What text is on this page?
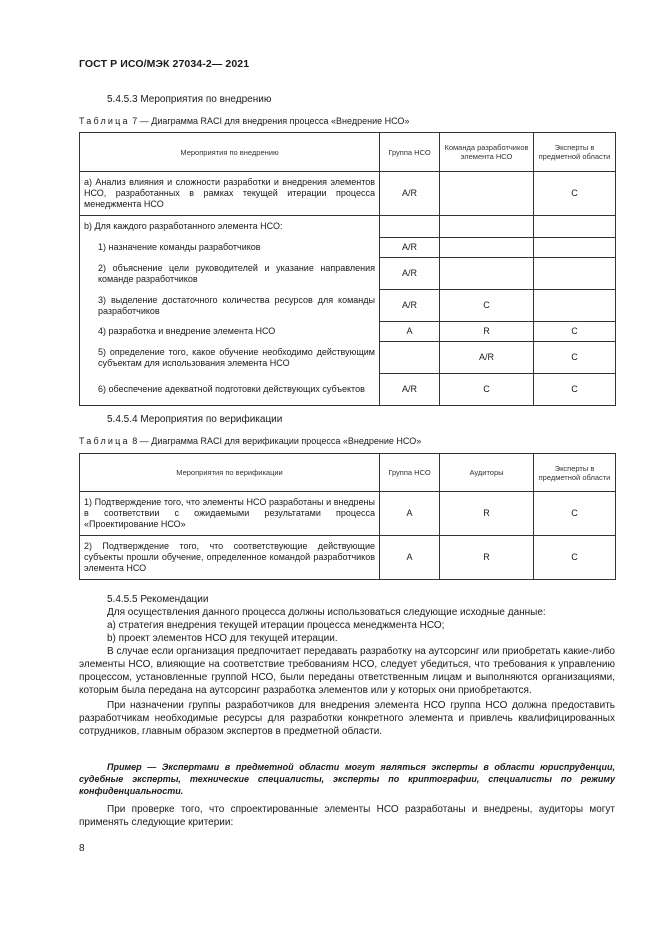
ГОСТ Р ИСО/МЭК 27034-2— 2021
5.4.5.3 Мероприятия по внедрению
Таблица 7 — Диаграмма RACI для внедрения процесса «Внедрение НСО»
Мероприятия по внедрению	Группа НСО	Команда разработчиков элемента НСО	Эксперты в предметной области
a) Анализ влияния и сложности разработки и внедрения элементов НСО, разработанных в рамках текущей итерации процесса менеджмента НСО	A/R		C
b) Для каждого разработанного элемента НСО:			

1) назначение команды разработчиков	A/R		

2) объяснение цели руководителей и указание направления команде разработчиков	A/R		

3) выделение достаточного количества ресурсов для команды разработчиков	A/R	C	

4) разработка и внедрение элемента НСО	A	R	C

5) определение того, какое обучение необходимо действующим субъектам для использования элемента НСО		A/R	C

6) обеспечение адекватной подготовки действующих субъектов	A/R	C	C
5.4.5.4 Мероприятия по верификации
Таблица 8 — Диаграмма RACI для верификации процесса «Внедрение НСО»
Мероприятия по верификации	Группа НСО	Аудиторы	Эксперты в предметной области
1) Подтверждение того, что элементы НСО разработаны и внедрены в соответствии с ожидаемыми результатами процесса «Проектирование НСО»	A	R	C
2) Подтверждение того, что соответствующие действующие субъекты прошли обучение, определенное командой разработчиков элемента НСО	A	R	C
5.4.5.5 Рекомендации

Для осуществления данного процесса должны использоваться следующие исходные данные:

a) стратегия внедрения текущей итерации процесса менеджмента НСО;

b) проект элементов НСО для текущей итерации.

В случае если организация предпочитает передавать разработку на аутсорсинг или приобретать какие-либо элементы НСО, влияющие на соответствие требованиям НСО, следует убедиться, что требования к управлению процессом, установленные группой НСО, были переданы ответственным лицам и выполняются организациями, которым была передана на аутсорсинг разработка элементов или у которых они приобретаются.

При назначении группы разработчиков для внедрения элемента НСО группа НСО должна предоставить разработчикам необходимые ресурсы для разработки конкретного элемента и привлечь квалифицированных сотрудников, главным образом экспертов в предметной области.

Пример — Экспертами в предметной области могут являться эксперты в области юриспруденции, судебные эксперты, технические специалисты, эксперты по криптографии, специалисты по режиму конфиденциальности.

При проверке того, что спроектированные элементы НСО разработаны и внедрены, аудиторы могут применять следующие критерии:

8
